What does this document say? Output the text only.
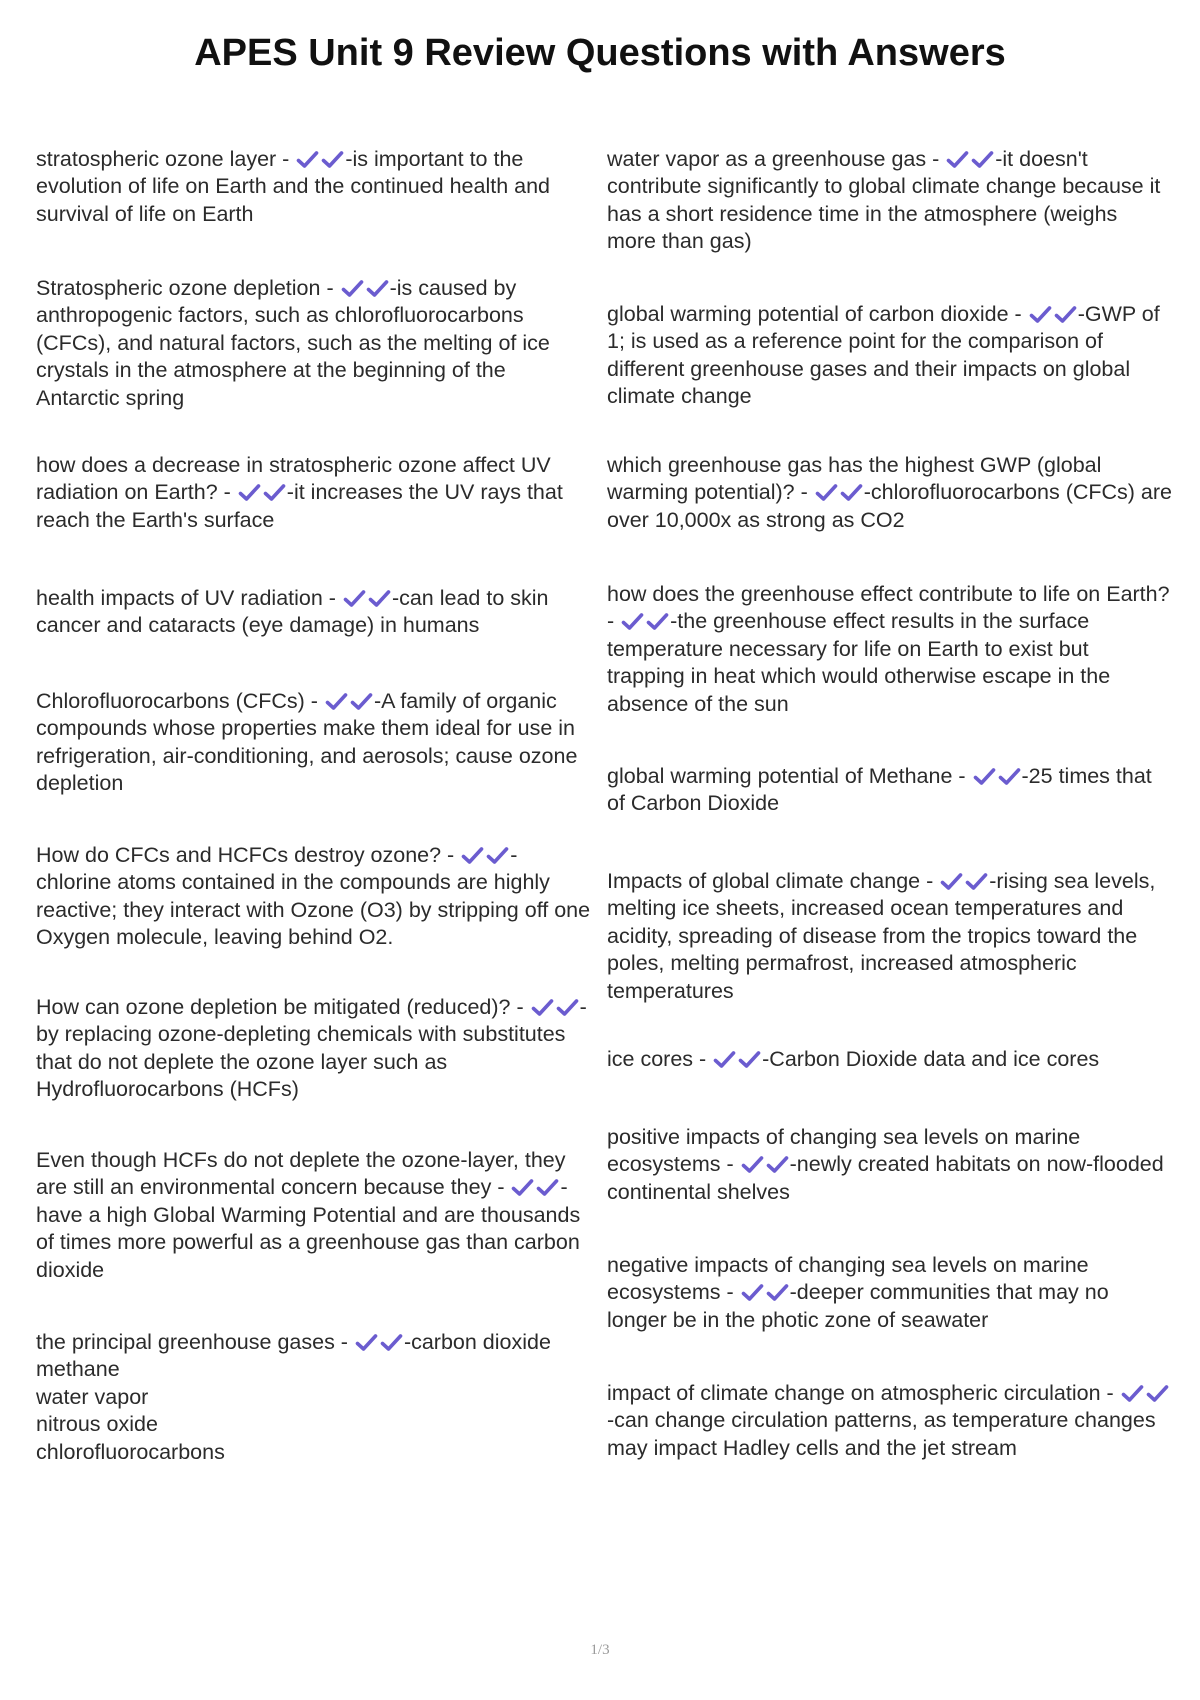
APES Unit 9 Review Questions with Answers

stratospheric ozone layer -
-is important to the evolution of life on Earth and the continued health and survival of life on Earth

Stratospheric ozone depletion -
-is caused by anthropogenic factors, such as chlorofluorocarbons (CFCs), and natural factors, such as the melting of ice crystals in the atmosphere at the beginning of the Antarctic spring

how does a decrease in stratospheric ozone affect UV radiation on Earth? -
-it increases the UV rays that reach the Earth's surface

health impacts of UV radiation -
-can lead to skin cancer and cataracts (eye damage) in humans

Chlorofluorocarbons (CFCs) -
-A family of organic compounds whose properties make them ideal for use in refrigeration, air-conditioning, and aerosols; cause ozone depletion

How do CFCs and HCFCs destroy ozone? -
-chlorine atoms contained in the compounds are highly reactive; they interact with Ozone (O3) by stripping off one Oxygen molecule, leaving behind O2.

How can ozone depletion be mitigated (reduced)? -
-by replacing ozone-depleting chemicals with substitutes that do not deplete the ozone layer such as Hydrofluorocarbons (HCFs)

Even though HCFs do not deplete the ozone-layer, they are still an environmental concern because they -
-have a high Global Warming Potential and are thousands of times more powerful as a greenhouse gas than carbon dioxide

the principal greenhouse gases -
-carbon dioxide
methane
water vapor
nitrous oxide
chlorofluorocarbons

water vapor as a greenhouse gas -
-it doesn't contribute significantly to global climate change because it has a short residence time in the atmosphere (weighs more than gas)

global warming potential of carbon dioxide -
-GWP of 1; is used as a reference point for the comparison of different greenhouse gases and their impacts on global climate change

which greenhouse gas has the highest GWP (global warming potential)? -
-chlorofluorocarbons (CFCs) are over 10,000x as strong as CO2

how does the greenhouse effect contribute to life on Earth? -
-the greenhouse effect results in the surface temperature necessary for life on Earth to exist but trapping in heat which would otherwise escape in the absence of the sun

global warming potential of Methane -
-25 times that of Carbon Dioxide

Impacts of global climate change -
-rising sea levels, melting ice sheets, increased ocean temperatures and acidity, spreading of disease from the tropics toward the poles, melting permafrost, increased atmospheric temperatures

ice cores -
-Carbon Dioxide data and ice cores

positive impacts of changing sea levels on marine ecosystems -
-newly created habitats on now-flooded continental shelves

negative impacts of changing sea levels on marine ecosystems -
-deeper communities that may no longer be in the photic zone of seawater

impact of climate change on atmospheric circulation -
-can change circulation patterns, as temperature changes may impact Hadley cells and the jet stream

1/3
